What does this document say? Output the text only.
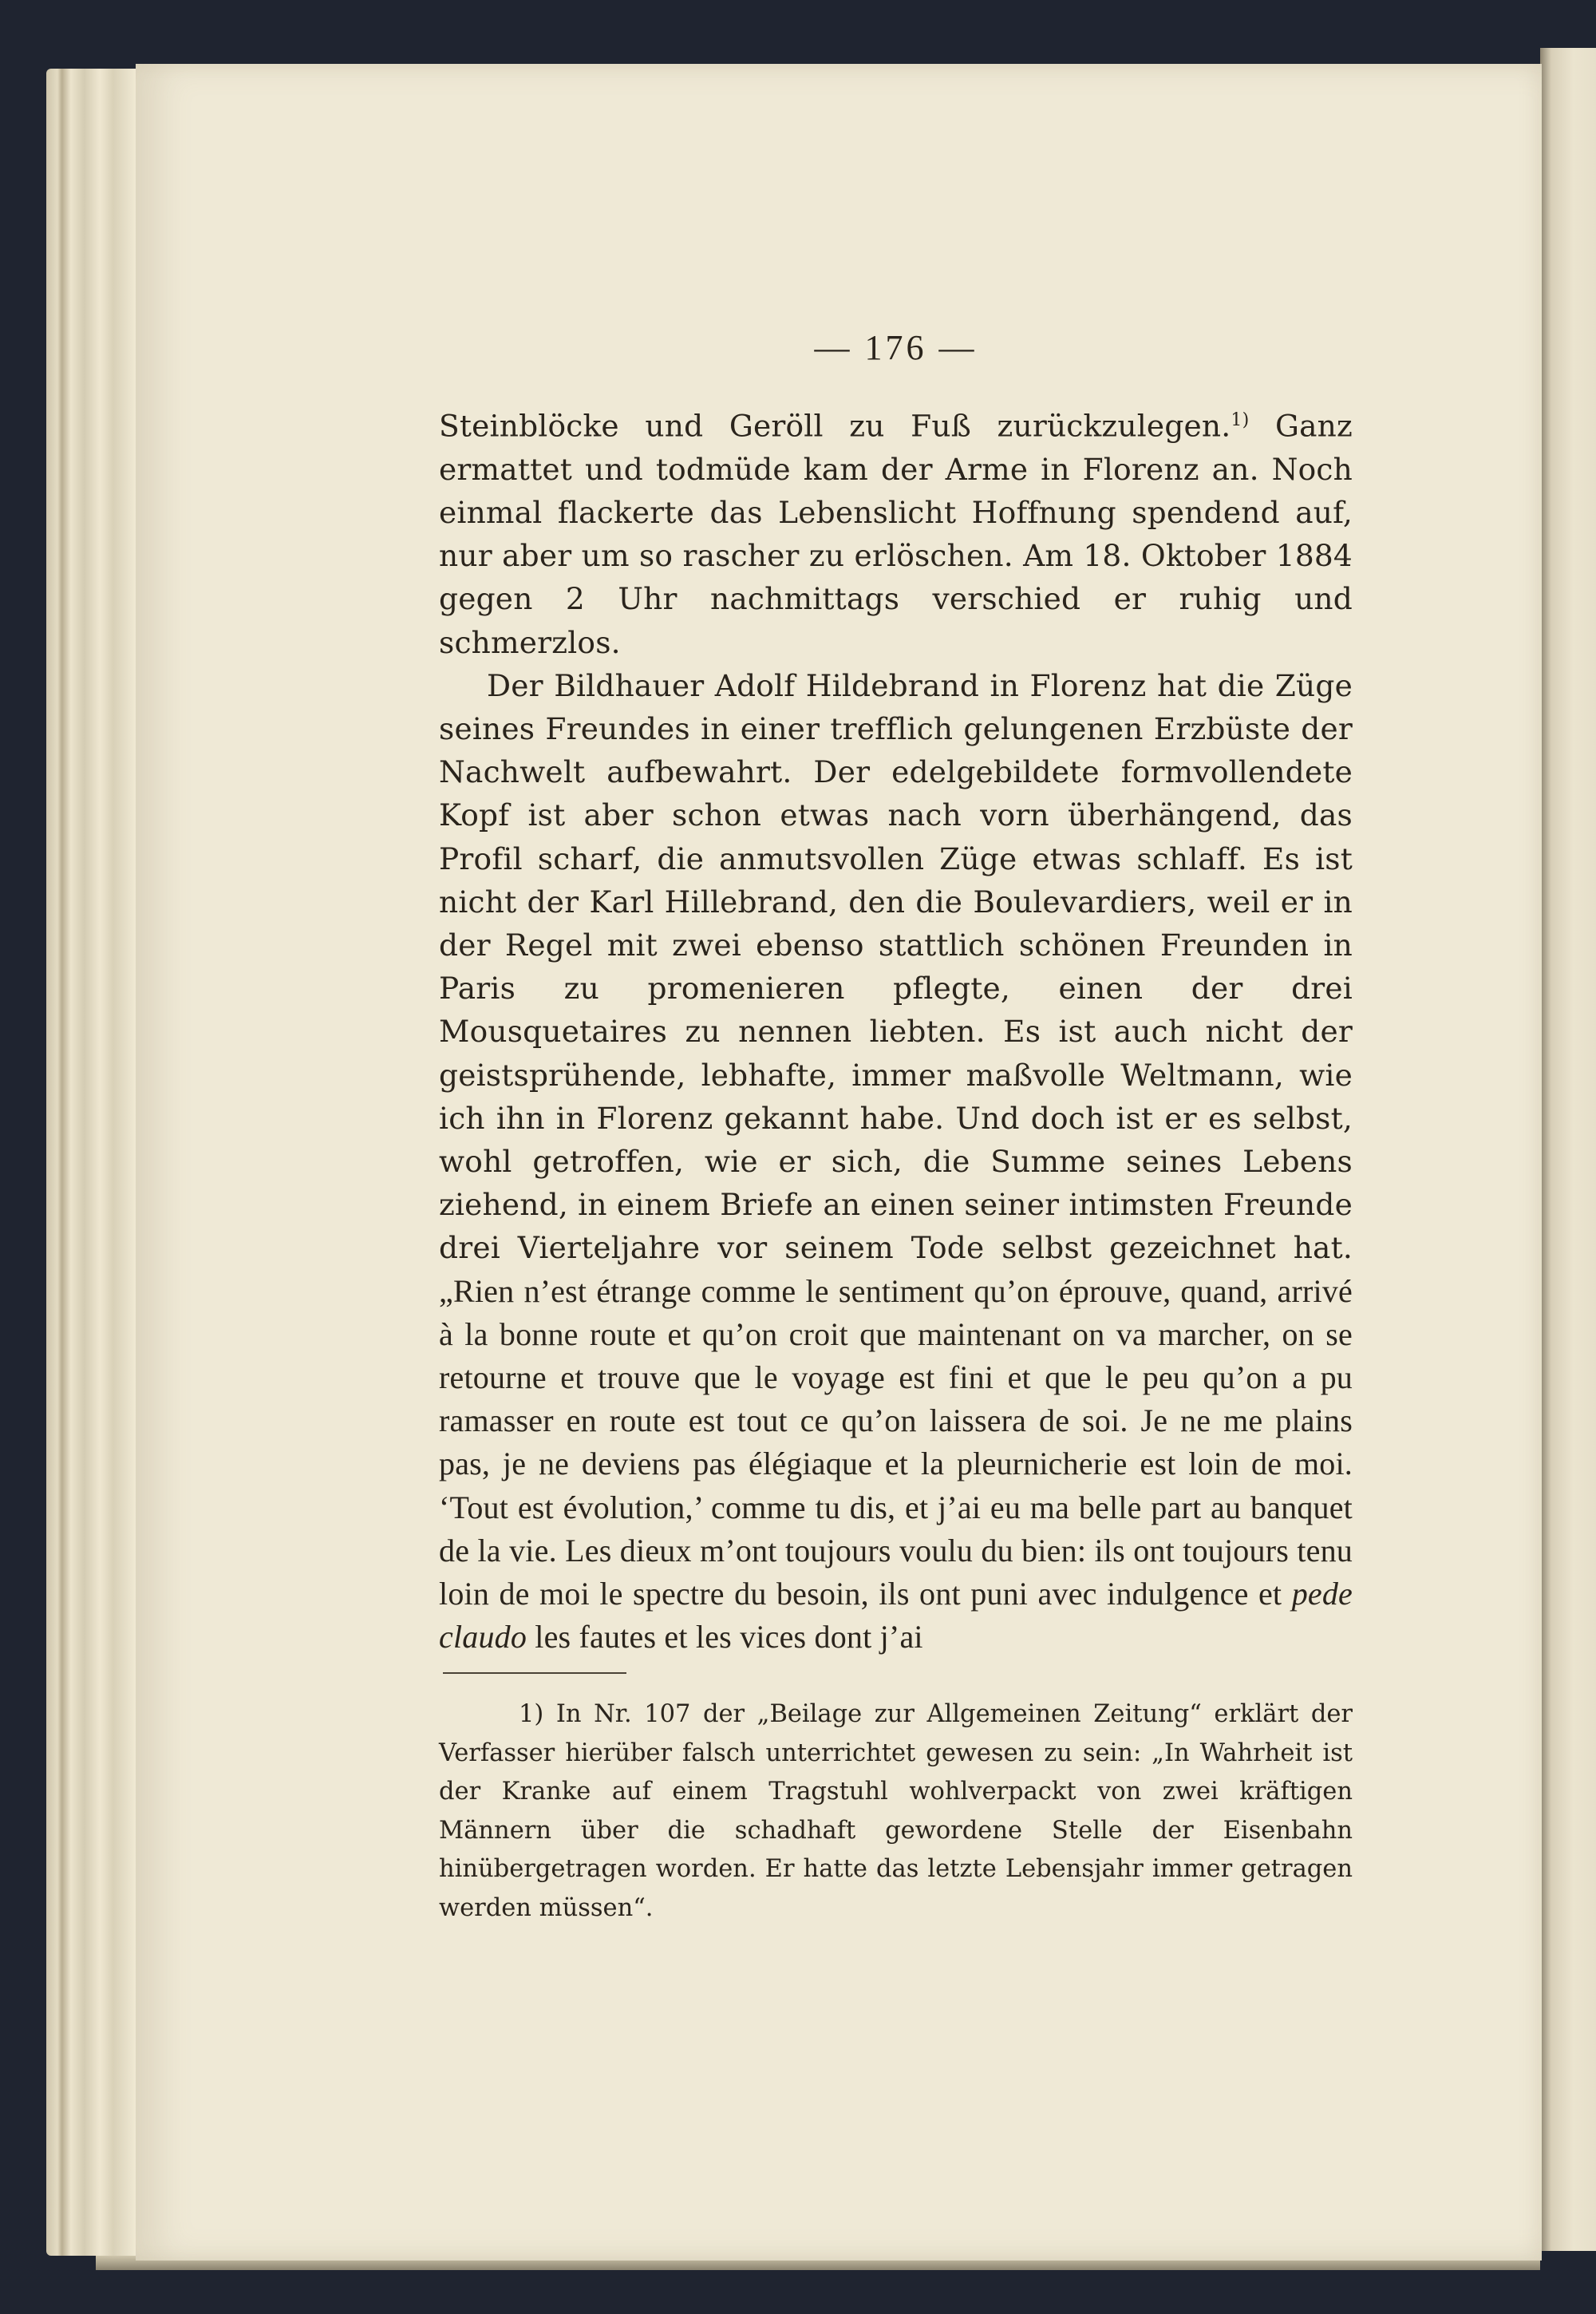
— 176 —

Steinblöcke und Geröll zu Fuß zurückzulegen.$^{1)}$ Ganz ermattet und todmüde kam der Arme in Florenz an. Noch einmal flackerte das Lebenslicht Hoffnung spendend auf, nur aber um so rascher zu erlöschen. Am 18. Oktober 1884 gegen 2 Uhr nachmittags verschied er ruhig und schmerzlos.

Der Bildhauer Adolf Hildebrand in Florenz hat die Züge seines Freundes in einer trefflich gelungenen Erzbüste der Nachwelt aufbewahrt. Der edelgebildete formvollendete Kopf ist aber schon etwas nach vorn überhängend, das Profil scharf, die anmutsvollen Züge etwas schlaff. Es ist nicht der Karl Hillebrand, den die Boulevardiers, weil er in der Regel mit zwei ebenso stattlich schönen Freunden in Paris zu promenieren pflegte, einen der drei Mousquetaires zu nennen liebten. Es ist auch nicht der geistsprühende, lebhafte, immer maßvolle Weltmann, wie ich ihn in Florenz gekannt habe. Und doch ist er es selbst, wohl getroffen, wie er sich, die Summe seines Lebens ziehend, in einem Briefe an einen seiner intimsten Freunde drei Vierteljahre vor seinem Tode selbst gezeichnet hat. „Rien n’est étrange comme le sentiment qu’on éprouve, quand, arrivé à la bonne route et qu’on croit que maintenant on va marcher, on se retourne et trouve que le voyage est fini et que le peu qu’on a pu ramasser en route est tout ce qu’on laissera de soi. Je ne me plains pas, je ne deviens pas élégiaque et la pleurnicherie est loin de moi. ‘Tout est évolution,’ comme tu dis, et j’ai eu ma belle part au banquet de la vie. Les dieux m’ont toujours voulu du bien: ils ont toujours tenu loin de moi le spectre du besoin, ils ont puni avec indulgence et pede claudo les fautes et les vices dont j’ai

1) In Nr. 107 der „Beilage zur Allgemeinen Zeitung“ erklärt der Verfasser hierüber falsch unterrichtet gewesen zu sein: „In Wahrheit ist der Kranke auf einem Tragstuhl wohlverpackt von zwei kräftigen Männern über die schadhaft gewordene Stelle der Eisenbahn hinübergetragen worden. Er hatte das letzte Lebensjahr immer getragen werden müssen“.
